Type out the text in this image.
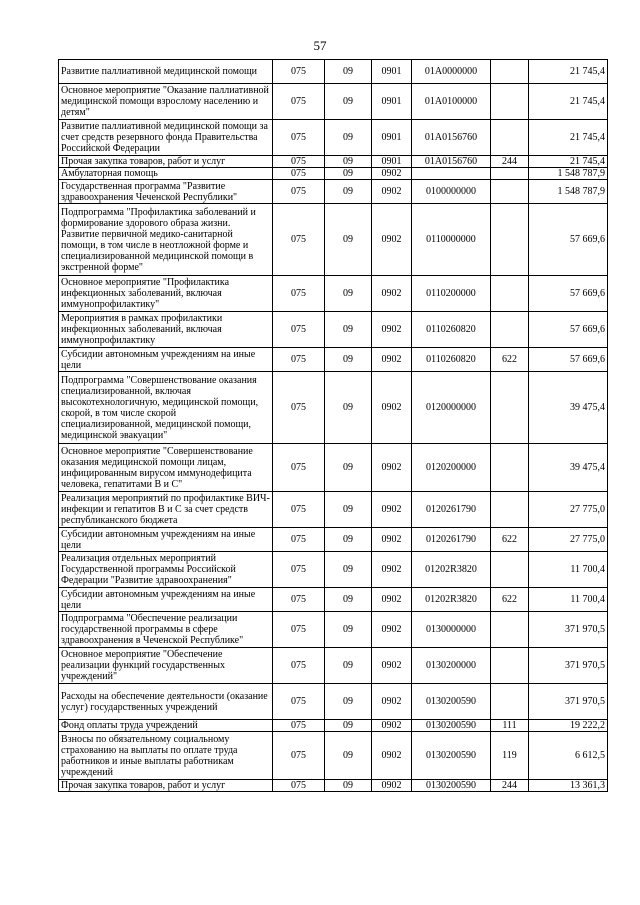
57
Развитие паллиативной медицинской помощи	075	09	0901	01А0000000		21 745,4
Основное мероприятие "Оказание паллиативной медицинской помощи взрослому населению и детям"	075	09	0901	01А0100000		21 745,4
Развитие паллиативной медицинской помощи за счет средств резервного фонда Правительства Российской Федерации	075	09	0901	01А0156760		21 745,4
Прочая закупка товаров, работ и услуг	075	09	0901	01А0156760	244	21 745,4
Амбулаторная помощь	075	09	0902			1 548 787,9
Государственная программа "Развитие здравоохранения Чеченской Республики"	075	09	0902	0100000000		1 548 787,9
Подпрограмма "Профилактика заболеваний и формирование здорового образа жизни. Развитие первичной медико-санитарной помощи, в том числе в неотложной форме и специализированной медицинской помощи в экстренной форме"	075	09	0902	0110000000		57 669,6
Основное мероприятие "Профилактика инфекционных заболеваний, включая иммунопрофилактику"	075	09	0902	0110200000		57 669,6
Мероприятия в рамках профилактики инфекционных заболеваний, включая иммунопрофилактику	075	09	0902	0110260820		57 669,6
Субсидии автономным учреждениям на иные цели	075	09	0902	0110260820	622	57 669,6
Подпрограмма "Совершенствование оказания специализированной, включая высокотехнологичную, медицинской помощи, скорой, в том числе скорой специализированной, медицинской помощи, медицинской эвакуации"	075	09	0902	0120000000		39 475,4
Основное мероприятие "Совершенствование оказания медицинской помощи лицам, инфицированным вирусом иммунодефицита человека, гепатитами В и С"	075	09	0902	0120200000		39 475,4
Реализация мероприятий по профилактике ВИЧ-инфекции и гепатитов В и С за счет средств республиканского бюджета	075	09	0902	0120261790		27 775,0
Субсидии автономным учреждениям на иные цели	075	09	0902	0120261790	622	27 775,0
Реализация отдельных мероприятий Государственной программы Российской Федерации "Развитие здравоохранения"	075	09	0902	01202R3820		11 700,4
Субсидии автономным учреждениям на иные цели	075	09	0902	01202R3820	622	11 700,4
Подпрограмма "Обеспечение реализации государственной программы в сфере здравоохранения в Чеченской Республике"	075	09	0902	0130000000		371 970,5
Основное мероприятие "Обеспечение реализации функций государственных учреждений"	075	09	0902	0130200000		371 970,5
Расходы на обеспечение деятельности (оказание услуг) государственных учреждений	075	09	0902	0130200590		371 970,5
Фонд оплаты труда учреждений	075	09	0902	0130200590	111	19 222,2
Взносы по обязательному социальному страхованию на выплаты по оплате труда работников и иные выплаты работникам учреждений	075	09	0902	0130200590	119	6 612,5
Прочая закупка товаров, работ и услуг	075	09	0902	0130200590	244	13 361,3
